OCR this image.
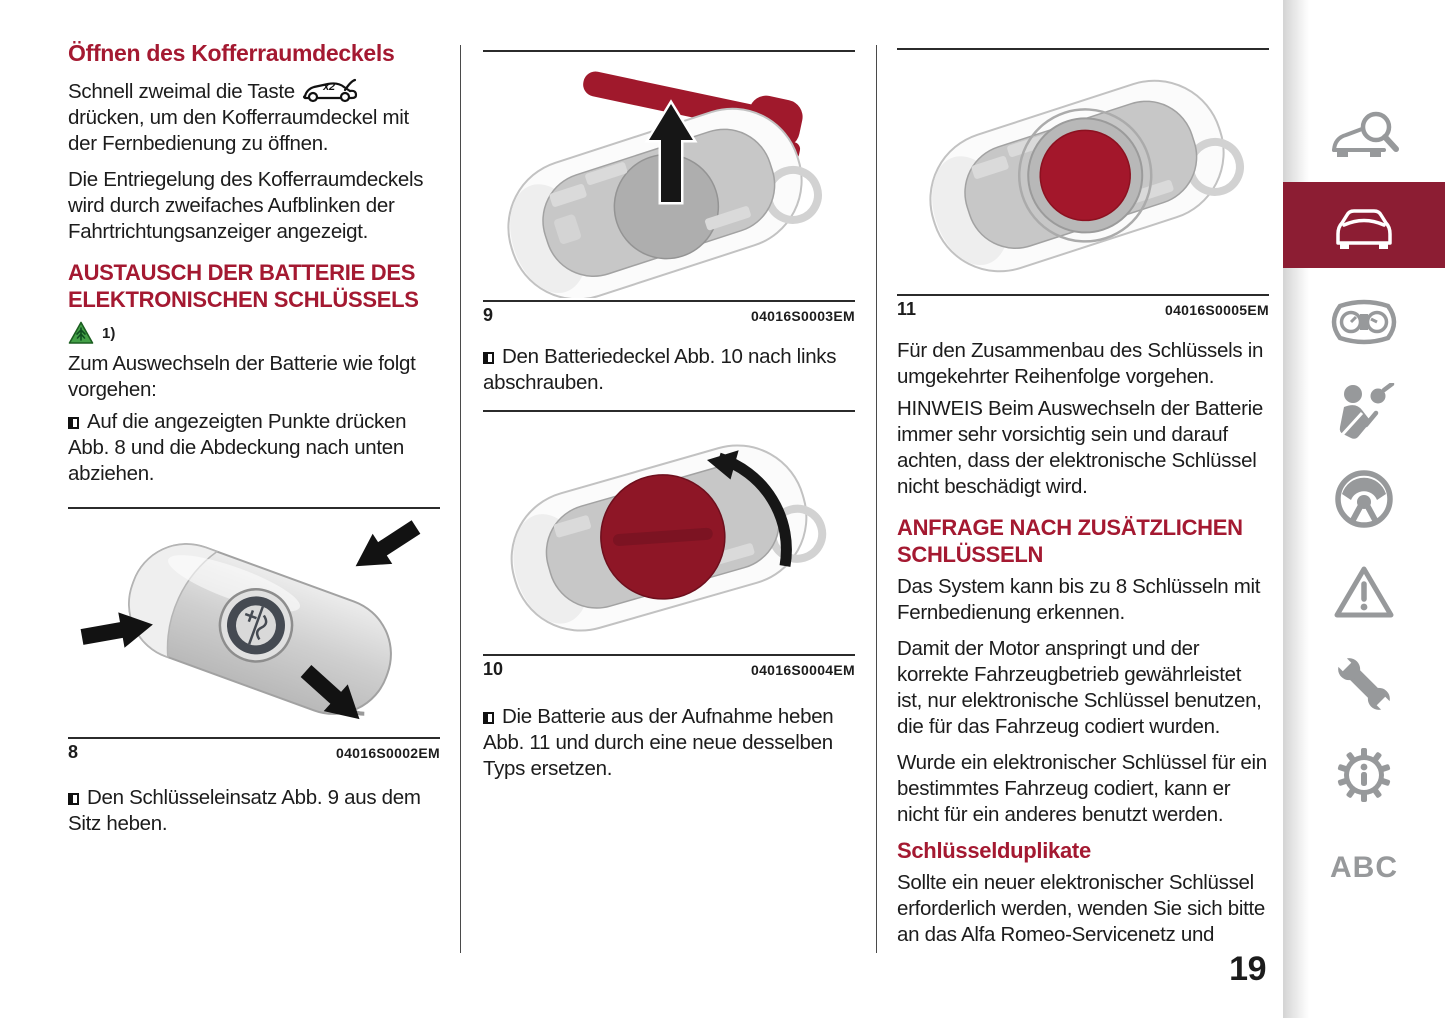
Öffnen des Kofferraumdeckels

Schnell zweimal die Taste	x2
drücken, um den Kofferraumdeckel mit der Fernbedienung zu öffnen.

Die Entriegelung des Kofferraumdeckels wird durch zweifaches Aufblinken der Fahrtrichtungsanzeiger angezeigt.

AUSTAUSCH DER BATTERIE DES ELEKTRONISCHEN SCHLÜSSELS
1)

Zum Auswechseln der Batterie wie folgt vorgehen:

Auf die angezeigten Punkte drücken Abb. 8 und die Abdeckung nach unten abziehen.

8	04016S0002EM

Den Schlüsseleinsatz Abb. 9 aus dem Sitz heben.

9	04016S0003EM

Den Batteriedeckel Abb. 10 nach links abschrauben.

10	04016S0004EM

Die Batterie aus der Aufnahme heben Abb. 11 und durch eine neue desselben Typs ersetzen.

11	04016S0005EM

Für den Zusammenbau des Schlüssels in umgekehrter Reihenfolge vorgehen.

HINWEIS Beim Auswechseln der Batterie immer sehr vorsichtig sein und darauf achten, dass der elektronische Schlüssel nicht beschädigt wird.

ANFRAGE NACH ZUSÄTZLICHEN SCHLÜSSELN

Das System kann bis zu 8 Schlüsseln mit Fernbedienung erkennen.

Damit der Motor anspringt und der korrekte Fahrzeugbetrieb gewährleistet ist, nur elektronische Schlüssel benutzen, die für das Fahrzeug codiert wurden.

Wurde ein elektronischer Schlüssel für ein bestimmtes Fahrzeug codiert, kann er nicht für ein anderes benutzt werden.

Schlüsselduplikate

Sollte ein neuer elektronischer Schlüssel erforderlich werden, wenden Sie sich bitte an das Alfa Romeo-Servicenetz und

19
ABC
